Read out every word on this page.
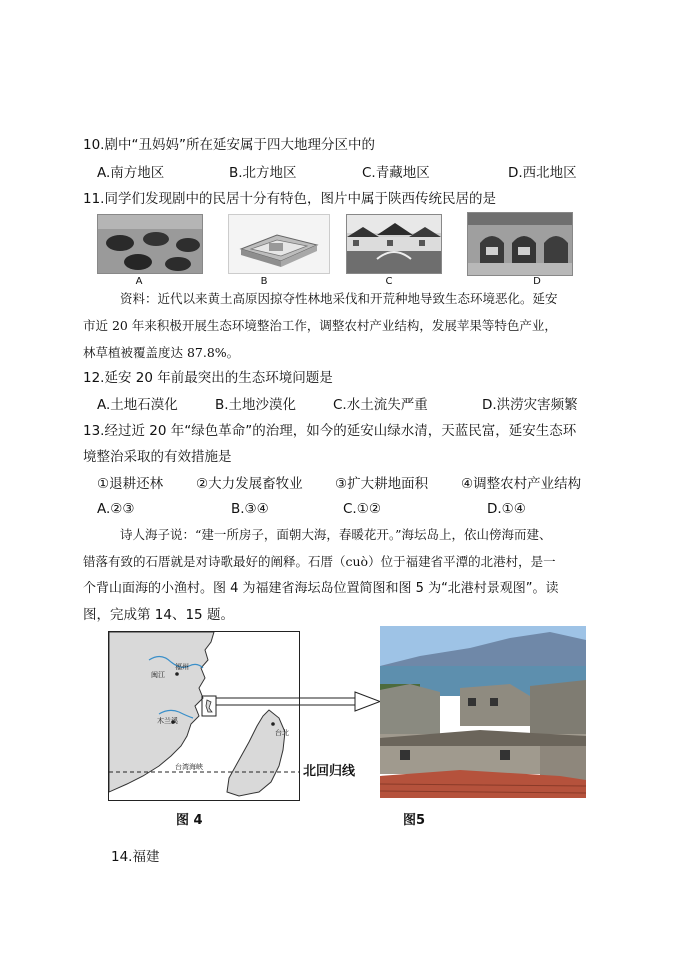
10.剧中“丑妈妈”所在延安属于四大地理分区中的
A.南方地区	B.北方地区	C.青藏地区	D.西北地区
11.同学们发现剧中的民居十分有特色，图片中属于陕西传统民居的是
A	B	C	D
资料：近代以来黄土高原因掠夺性林地采伐和开荒种地导致生态环境恶化。延安
市近 20 年来积极开展生态环境整治工作，调整农村产业结构，发展苹果等特色产业，
林草植被覆盖度达 87.8%。
12.延安 20 年前最突出的生态环境问题是
A.土地石漠化	B.土地沙漠化	C.水土流失严重	D.洪涝灾害频繁
13.经过近 20 年“绿色革命”的治理，如今的延安山绿水清，天蓝民富，延安生态环
境整治采取的有效措施是
①退耕还林 ②大力发展畜牧业 ③扩大耕地面积 ④调整农村产业结构
A.②③	B.③④	C.①②	D.①④
诗人海子说：“建一所房子，面朝大海，春暖花开。”海坛岛上，依山傍海而建、
错落有致的石厝就是对诗歌最好的阐释。石厝（cuò）位于福建省平潭的北港村，是一
个背山面海的小渔村。图 4 为福建省海坛岛位置简图和图 5 为“北港村景观图”。读
图，完成第 14、15 题。
闽江
福州
木兰溪
台北
台湾海峡	北回归线
图 4	图5
14.福建
